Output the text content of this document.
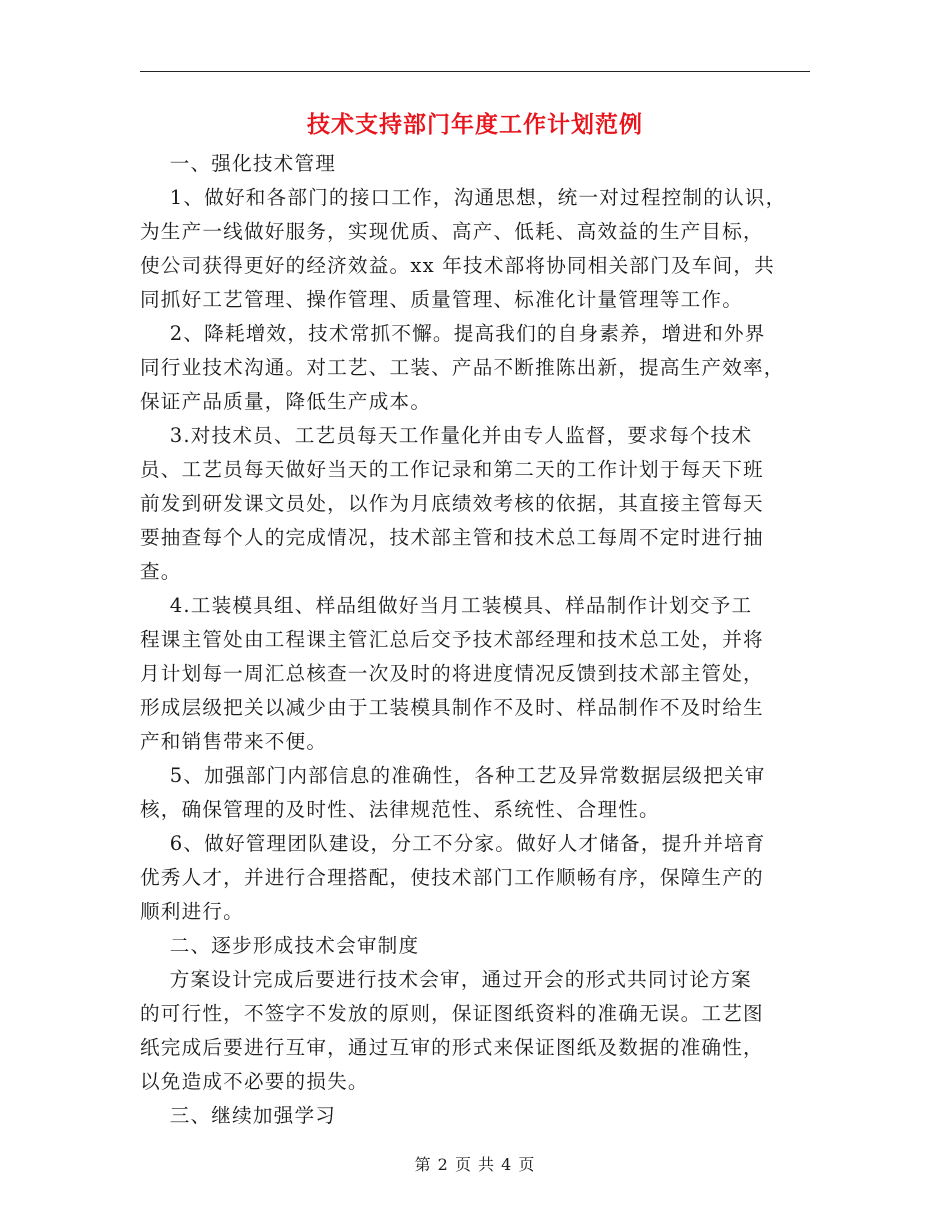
技术支持部门年度工作计划范例

一、强化技术管理

1、做好和各部门的接口工作，沟通思想，统一对过程控制的认识，

为生产一线做好服务，实现优质、高产、低耗、高效益的生产目标，

使公司获得更好的经济效益。xx 年技术部将协同相关部门及车间，共

同抓好工艺管理、操作管理、质量管理、标准化计量管理等工作。

2、降耗增效，技术常抓不懈。提高我们的自身素养，增进和外界

同行业技术沟通。对工艺、工装、产品不断推陈出新，提高生产效率，

保证产品质量，降低生产成本。

3.对技术员、工艺员每天工作量化并由专人监督，要求每个技术

员、工艺员每天做好当天的工作记录和第二天的工作计划于每天下班

前发到研发课文员处，以作为月底绩效考核的依据，其直接主管每天

要抽查每个人的完成情况，技术部主管和技术总工每周不定时进行抽

查。

4.工装模具组、样品组做好当月工装模具、样品制作计划交予工

程课主管处由工程课主管汇总后交予技术部经理和技术总工处，并将

月计划每一周汇总核查一次及时的将进度情况反馈到技术部主管处，

形成层级把关以减少由于工装模具制作不及时、样品制作不及时给生

产和销售带来不便。

5、加强部门内部信息的准确性，各种工艺及异常数据层级把关审

核，确保管理的及时性、法律规范性、系统性、合理性。

6、做好管理团队建设，分工不分家。做好人才储备，提升并培育

优秀人才，并进行合理搭配，使技术部门工作顺畅有序，保障生产的

顺利进行。

二、逐步形成技术会审制度

方案设计完成后要进行技术会审，通过开会的形式共同讨论方案

的可行性，不签字不发放的原则，保证图纸资料的准确无误。工艺图

纸完成后要进行互审，通过互审的形式来保证图纸及数据的准确性，

以免造成不必要的损失。

三、继续加强学习

第 2 页 共 4 页
